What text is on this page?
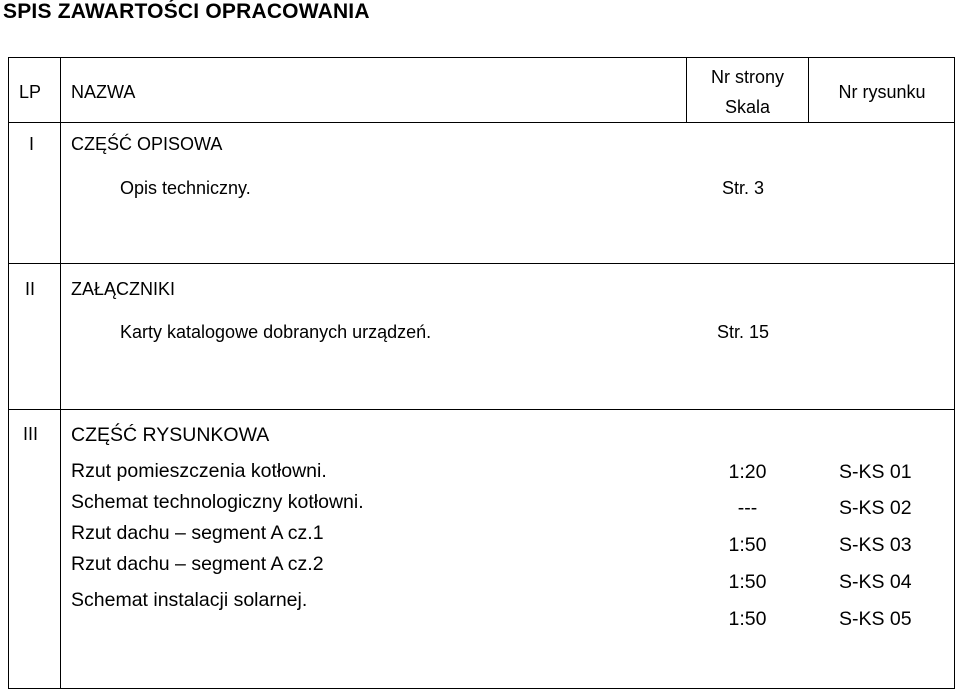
SPIS ZAWARTOŚCI OPRACOWANIA
LP NAZWA
Nr strony
Skala
Nr rysunku
I CZĘŚĆ OPISOWA
Opis techniczny.	Str. 3
II ZAŁĄCZNIKI
Karty katalogowe dobranych urządzeń.	Str. 15
III CZĘŚĆ RYSUNKOWA
Rzut pomieszczenia kotłowni.
Schemat technologiczny kotłowni.
Rzut dachu – segment A cz.1
Rzut dachu – segment A cz.2
Schemat instalacji solarnej.
1:20
---
1:50
1:50
1:50
S-KS 01
S-KS 02
S-KS 03
S-KS 04
S-KS 05
